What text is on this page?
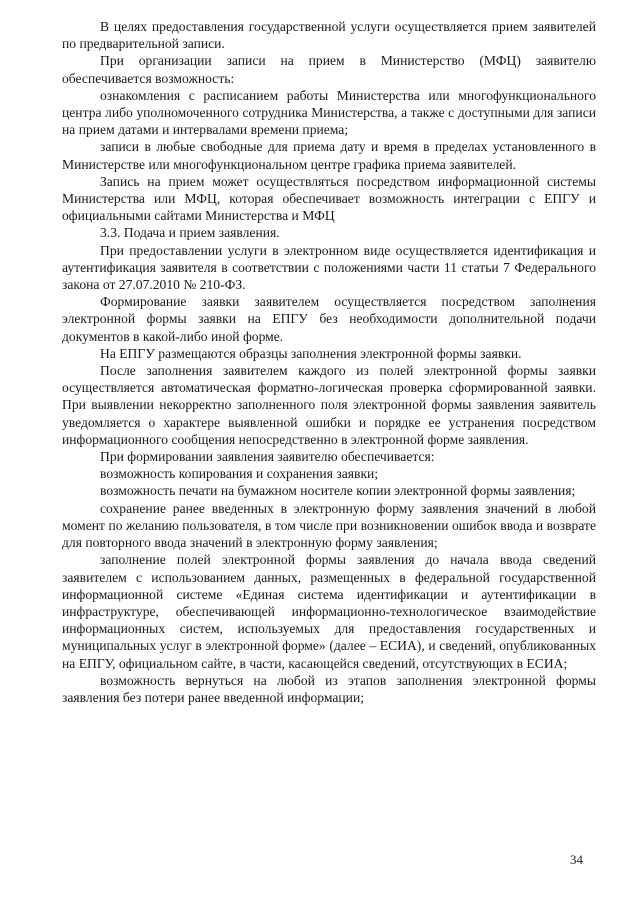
В целях предоставления государственной услуги осуществляется прием заявителей по предварительной записи.

При организации записи на прием в Министерство (МФЦ) заявителю обеспечивается возможность:

ознакомления с расписанием работы Министерства или многофункционального центра либо уполномоченного сотрудника Министерства, а также с доступными для записи на прием датами и интервалами времени приема;

записи в любые свободные для приема дату и время в пределах установленного в Министерстве или многофункциональном центре графика приема заявителей.

Запись на прием может осуществляться посредством информационной системы Министерства или МФЦ, которая обеспечивает возможность интеграции с ЕПГУ и официальными сайтами Министерства и МФЦ

3.3. Подача и прием заявления.

При предоставлении услуги в электронном виде осуществляется идентификация и аутентификация заявителя в соответствии с положениями части 11 статьи 7 Федерального закона от 27.07.2010 № 210-ФЗ.

Формирование заявки заявителем осуществляется посредством заполнения электронной формы заявки на ЕПГУ без необходимости дополнительной подачи документов в какой-либо иной форме.

На ЕПГУ размещаются образцы заполнения электронной формы заявки.

После заполнения заявителем каждого из полей электронной формы заявки осуществляется автоматическая форматно-логическая проверка сформированной заявки. При выявлении некорректно заполненного поля электронной формы заявления заявитель уведомляется о характере выявленной ошибки и порядке ее устранения посредством информационного сообщения непосредственно в электронной форме заявления.

При формировании заявления заявителю обеспечивается:

возможность копирования и сохранения заявки;

возможность печати на бумажном носителе копии электронной формы заявления;

сохранение ранее введенных в электронную форму заявления значений в любой момент по желанию пользователя, в том числе при возникновении ошибок ввода и возврате для повторного ввода значений в электронную форму заявления;

заполнение полей электронной формы заявления до начала ввода сведений заявителем с использованием данных, размещенных в федеральной государственной информационной системе «Единая система идентификации и аутентификации в инфраструктуре, обеспечивающей информационно-технологическое взаимодействие информационных систем, используемых для предоставления государственных и муниципальных услуг в электронной форме» (далее – ЕСИА), и сведений, опубликованных на ЕПГУ, официальном сайте, в части, касающейся сведений, отсутствующих в ЕСИА;

возможность вернуться на любой из этапов заполнения электронной формы заявления без потери ранее введенной информации;

34
